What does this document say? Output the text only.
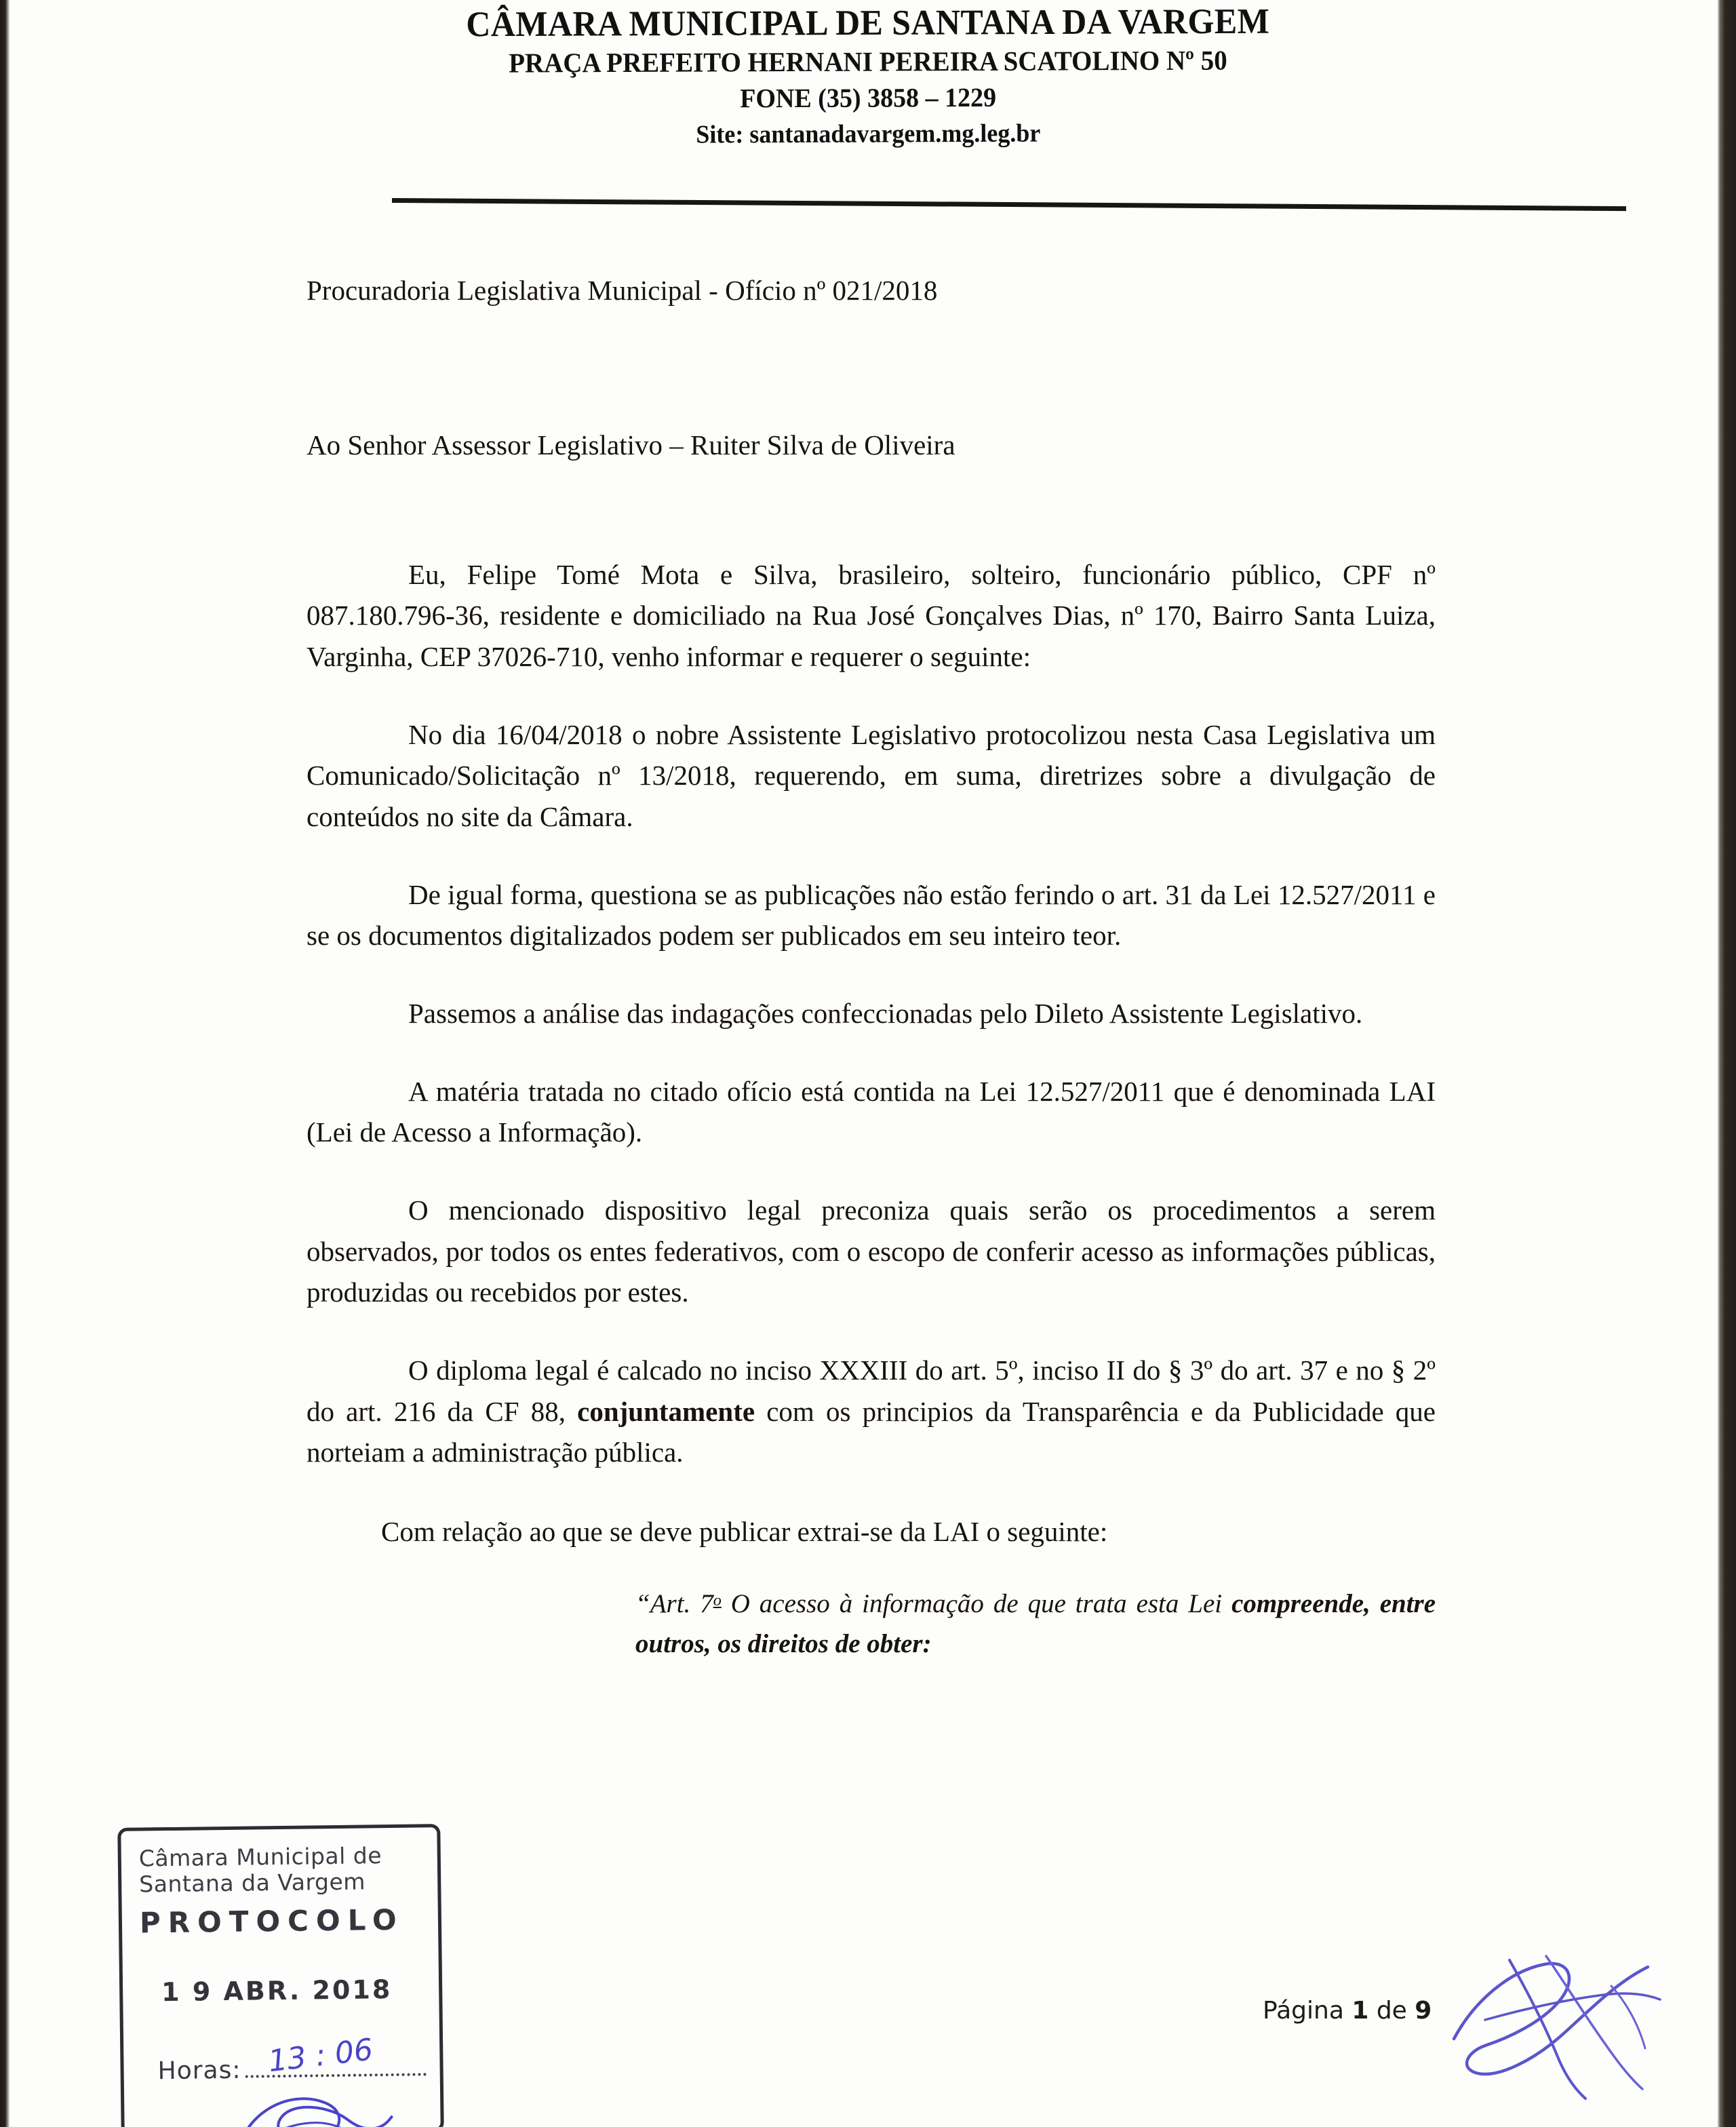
CÂMARA MUNICIPAL DE SANTANA DA VARGEM
PRAÇA PREFEITO HERNANI PEREIRA SCATOLINO Nº 50
FONE (35) 3858 – 1229
Site: santanadavargem.mg.leg.br
Procuradoria Legislativa Municipal - Ofício nº 021/2018
Ao Senhor Assessor Legislativo – Ruiter Silva de Oliveira

Eu, Felipe Tomé Mota e Silva, brasileiro, solteiro, funcionário público, CPF nº 087.180.796-36, residente e domiciliado na Rua José Gonçalves Dias, nº 170, Bairro Santa Luiza, Varginha, CEP 37026-710, venho informar e requerer o seguinte:

No dia 16/04/2018 o nobre Assistente Legislativo protocolizou nesta Casa Legislativa um Comunicado/Solicitação nº 13/2018, requerendo, em suma, diretrizes sobre a divulgação de conteúdos no site da Câmara.

De igual forma, questiona se as publicações não estão ferindo o art. 31 da Lei 12.527/2011 e se os documentos digitalizados podem ser publicados em seu inteiro teor.

Passemos a análise das indagações confeccionadas pelo Dileto Assistente Legislativo.

A matéria tratada no citado ofício está contida na Lei 12.527/2011 que é denominada LAI (Lei de Acesso a Informação).

O mencionado dispositivo legal preconiza quais serão os procedimentos a serem observados, por todos os entes federativos, com o escopo de conferir acesso as informações públicas, produzidas ou recebidos por estes.

O diploma legal é calcado no inciso XXXIII do art. 5º, inciso II do § 3º do art. 37 e no § 2º do art. 216 da CF 88, conjuntamente com os principios da Transparência e da Publicidade que norteiam a administração pública.

Com relação ao que se deve publicar extrai-se da LAI o seguinte:

“Art. 7$^o$ O acesso à informação de que trata esta Lei compreende, entre outros, os direitos de obter:
Câmara Municipal de
Santana da Vargem
PROTOCOLO
1 9 ABR. 2018
Horas: 13 : 06
Página 1 de 9
